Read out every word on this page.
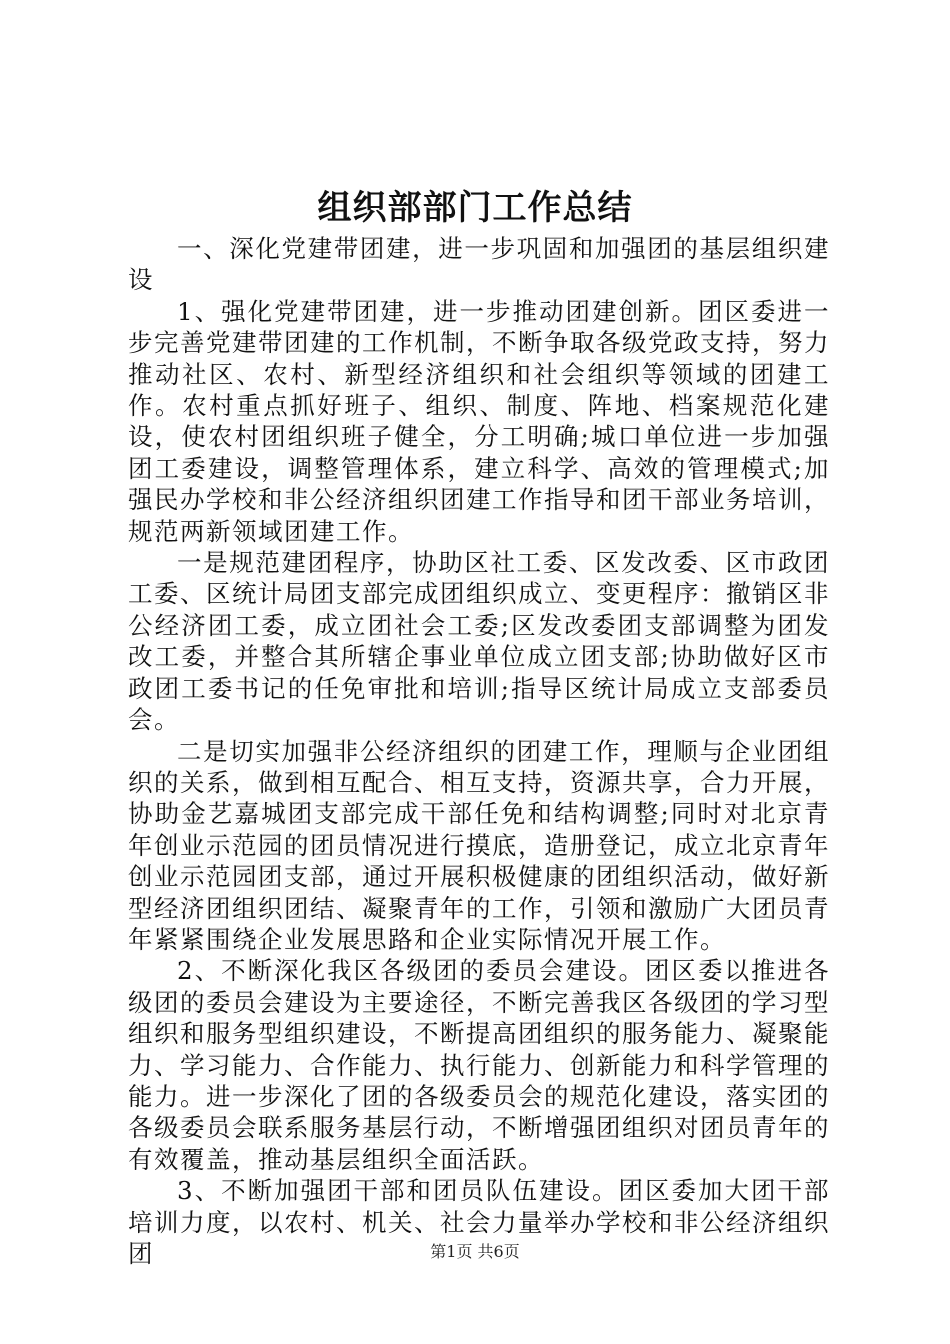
组织部部门工作总结

一、深化党建带团建，进一步巩固和加强团的基层组织建设

1、强化党建带团建，进一步推动团建创新。团区委进一步完善党建带团建的工作机制，不断争取各级党政支持，努力推动社区、农村、新型经济组织和社会组织等领域的团建工作。农村重点抓好班子、组织、制度、阵地、档案规范化建设，使农村团组织班子健全，分工明确;城口单位进一步加强团工委建设，调整管理体系，建立科学、高效的管理模式;加强民办学校和非公经济组织团建工作指导和团干部业务培训，规范两新领域团建工作。

一是规范建团程序，协助区社工委、区发改委、区市政团工委、区统计局团支部完成团组织成立、变更程序：撤销区非公经济团工委，成立团社会工委;区发改委团支部调整为团发改工委，并整合其所辖企事业单位成立团支部;协助做好区市政团工委书记的任免审批和培训;指导区统计局成立支部委员会。

二是切实加强非公经济组织的团建工作，理顺与企业团组织的关系，做到相互配合、相互支持，资源共享，合力开展，协助金艺嘉城团支部完成干部任免和结构调整;同时对北京青年创业示范园的团员情况进行摸底，造册登记，成立北京青年创业示范园团支部，通过开展积极健康的团组织活动，做好新型经济团组织团结、凝聚青年的工作，引领和激励广大团员青年紧紧围绕企业发展思路和企业实际情况开展工作。

2、不断深化我区各级团的委员会建设。团区委以推进各级团的委员会建设为主要途径，不断完善我区各级团的学习型组织和服务型组织建设，不断提高团组织的服务能力、凝聚能力、学习能力、合作能力、执行能力、创新能力和科学管理的能力。进一步深化了团的各级委员会的规范化建设，落实团的各级委员会联系服务基层行动，不断增强团组织对团员青年的有效覆盖，推动基层组织全面活跃。

3、不断加强团干部和团员队伍建设。团区委加大团干部培训力度，以农村、机关、社会力量举办学校和非公经济组织团	第1页 共6页
